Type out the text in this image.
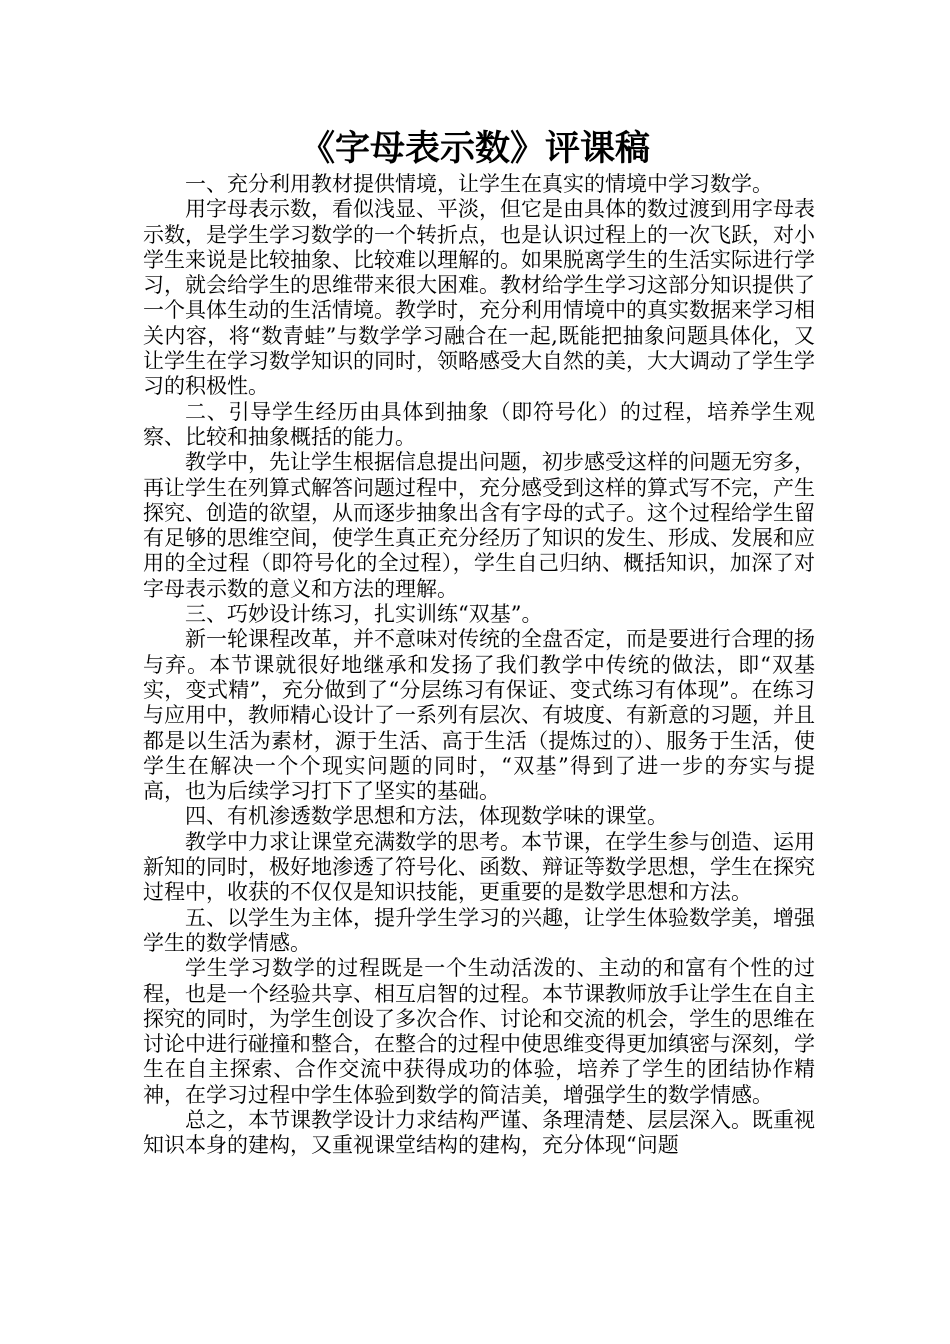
《字母表示数》评课稿

一、充分利用教材提供情境，让学生在真实的情境中学习数学。

用字母表示数，看似浅显、平淡，但它是由具体的数过渡到用字母表示数，是学生学习数学的一个转折点，也是认识过程上的一次飞跃，对小学生来说是比较抽象、比较难以理解的。如果脱离学生的生活实际进行学习，就会给学生的思维带来很大困难。教材给学生学习这部分知识提供了一个具体生动的生活情境。教学时，充分利用情境中的真实数据来学习相关内容，将“数青蛙”与数学学习融合在一起,既能把抽象问题具体化，又让学生在学习数学知识的同时，领略感受大自然的美，大大调动了学生学习的积极性。

二、引导学生经历由具体到抽象（即符号化）的过程，培养学生观察、比较和抽象概括的能力。

教学中，先让学生根据信息提出问题，初步感受这样的问题无穷多，再让学生在列算式解答问题过程中，充分感受到这样的算式写不完，产生探究、创造的欲望，从而逐步抽象出含有字母的式子。这个过程给学生留有足够的思维空间，使学生真正充分经历了知识的发生、形成、发展和应用的全过程（即符号化的全过程），学生自己归纳、概括知识，加深了对字母表示数的意义和方法的理解。

三、巧妙设计练习，扎实训练“双基”。

新一轮课程改革，并不意味对传统的全盘否定，而是要进行合理的扬与弃。本节课就很好地继承和发扬了我们教学中传统的做法，即“双基实，变式精”，充分做到了“分层练习有保证、变式练习有体现”。在练习与应用中，教师精心设计了一系列有层次、有坡度、有新意的习题，并且都是以生活为素材，源于生活、高于生活（提炼过的）、服务于生活，使学生在解决一个个现实问题的同时，“双基”得到了进一步的夯实与提高，也为后续学习打下了坚实的基础。

四、有机渗透数学思想和方法，体现数学味的课堂。

教学中力求让课堂充满数学的思考。本节课，在学生参与创造、运用新知的同时，极好地渗透了符号化、函数、辩证等数学思想，学生在探究过程中，收获的不仅仅是知识技能，更重要的是数学思想和方法。

五、以学生为主体，提升学生学习的兴趣，让学生体验数学美，增强学生的数学情感。

学生学习数学的过程既是一个生动活泼的、主动的和富有个性的过程，也是一个经验共享、相互启智的过程。本节课教师放手让学生在自主探究的同时，为学生创设了多次合作、讨论和交流的机会，学生的思维在讨论中进行碰撞和整合，在整合的过程中使思维变得更加缜密与深刻，学生在自主探索、合作交流中获得成功的体验，培养了学生的团结协作精神，在学习过程中学生体验到数学的简洁美，增强学生的数学情感。

总之，本节课教学设计力求结构严谨、条理清楚、层层深入。既重视知识本身的建构，又重视课堂结构的建构，充分体现“问题
